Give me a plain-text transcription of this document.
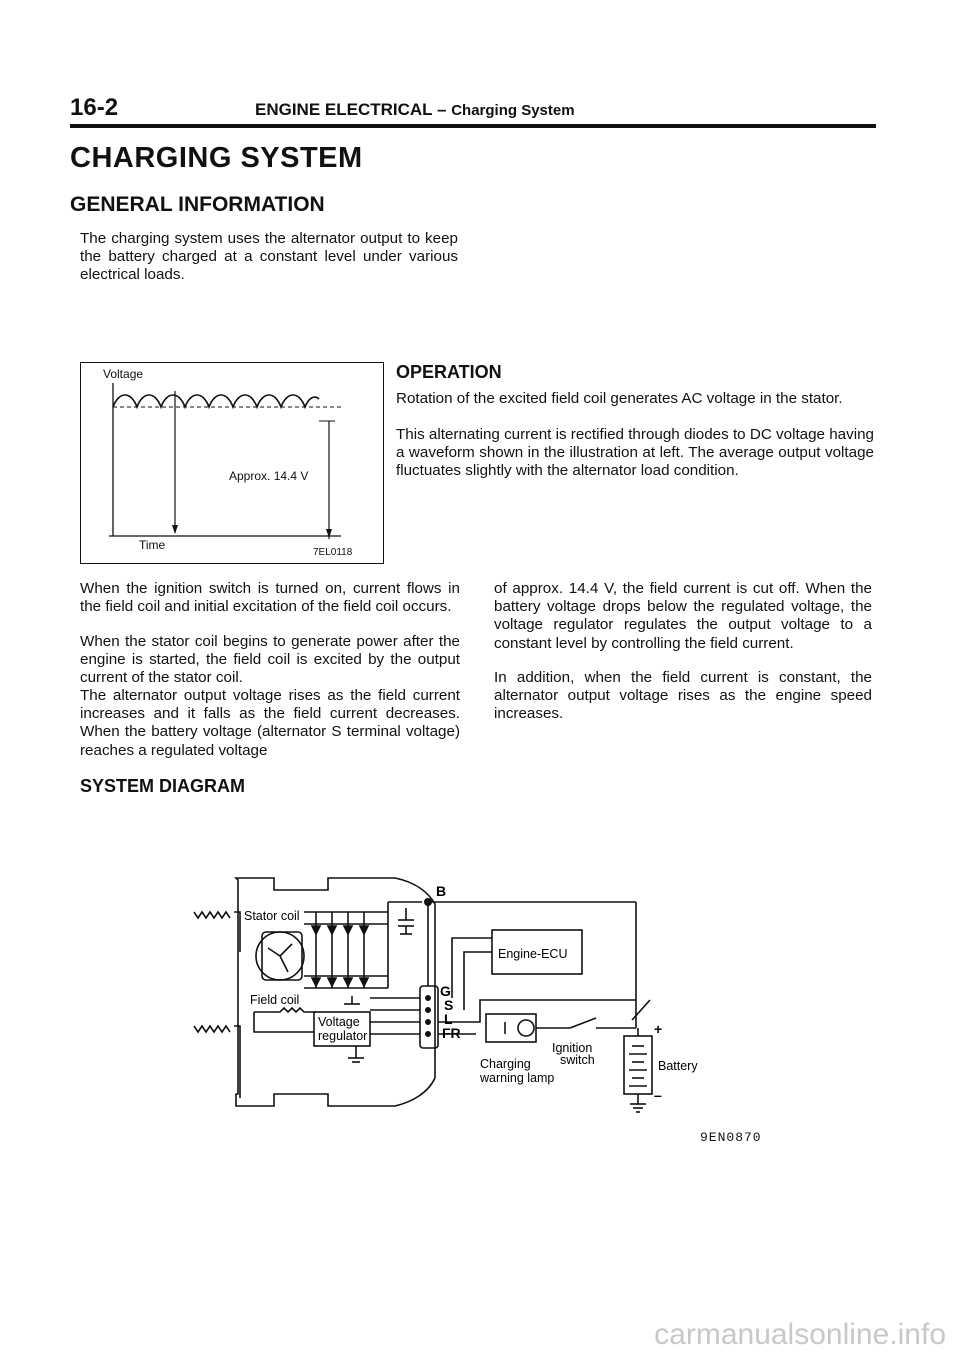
16-2	ENGINE ELECTRICAL – Charging System
CHARGING SYSTEM
GENERAL INFORMATION

The charging system uses the alternator output to keep the battery charged at a constant level under various electrical loads.

Voltage
Approx. 14.4 V
Time
7EL0118
OPERATION

Rotation of the excited field coil generates AC voltage in the stator.

This alternating current is rectified through diodes to DC voltage having a waveform shown in the illustration at left. The average output voltage fluctuates slightly with the alternator load condition.

When the ignition switch is turned on, current flows in the field coil and initial excitation of the field coil occurs.

When the stator coil begins to generate power after the engine is started, the field coil is excited by the output current of the stator coil.

The alternator output voltage rises as the field current increases and it falls as the field current decreases. When the battery voltage (alternator S terminal voltage) reaches a regulated voltage

of approx. 14.4 V, the field current is cut off. When the battery voltage drops below the regulated voltage, the voltage regulator regulates the output voltage to a constant level by controlling the field current.

In addition, when the field current is constant, the alternator output voltage rises as the engine speed increases.

SYSTEM DIAGRAM
B
Stator coil
Field coil
Voltage
regulator
G
S
L
FR
Engine-ECU
Ignition
switch
Charging
warning lamp
Battery
+
–
9EN0870
carmanualsonline.info
